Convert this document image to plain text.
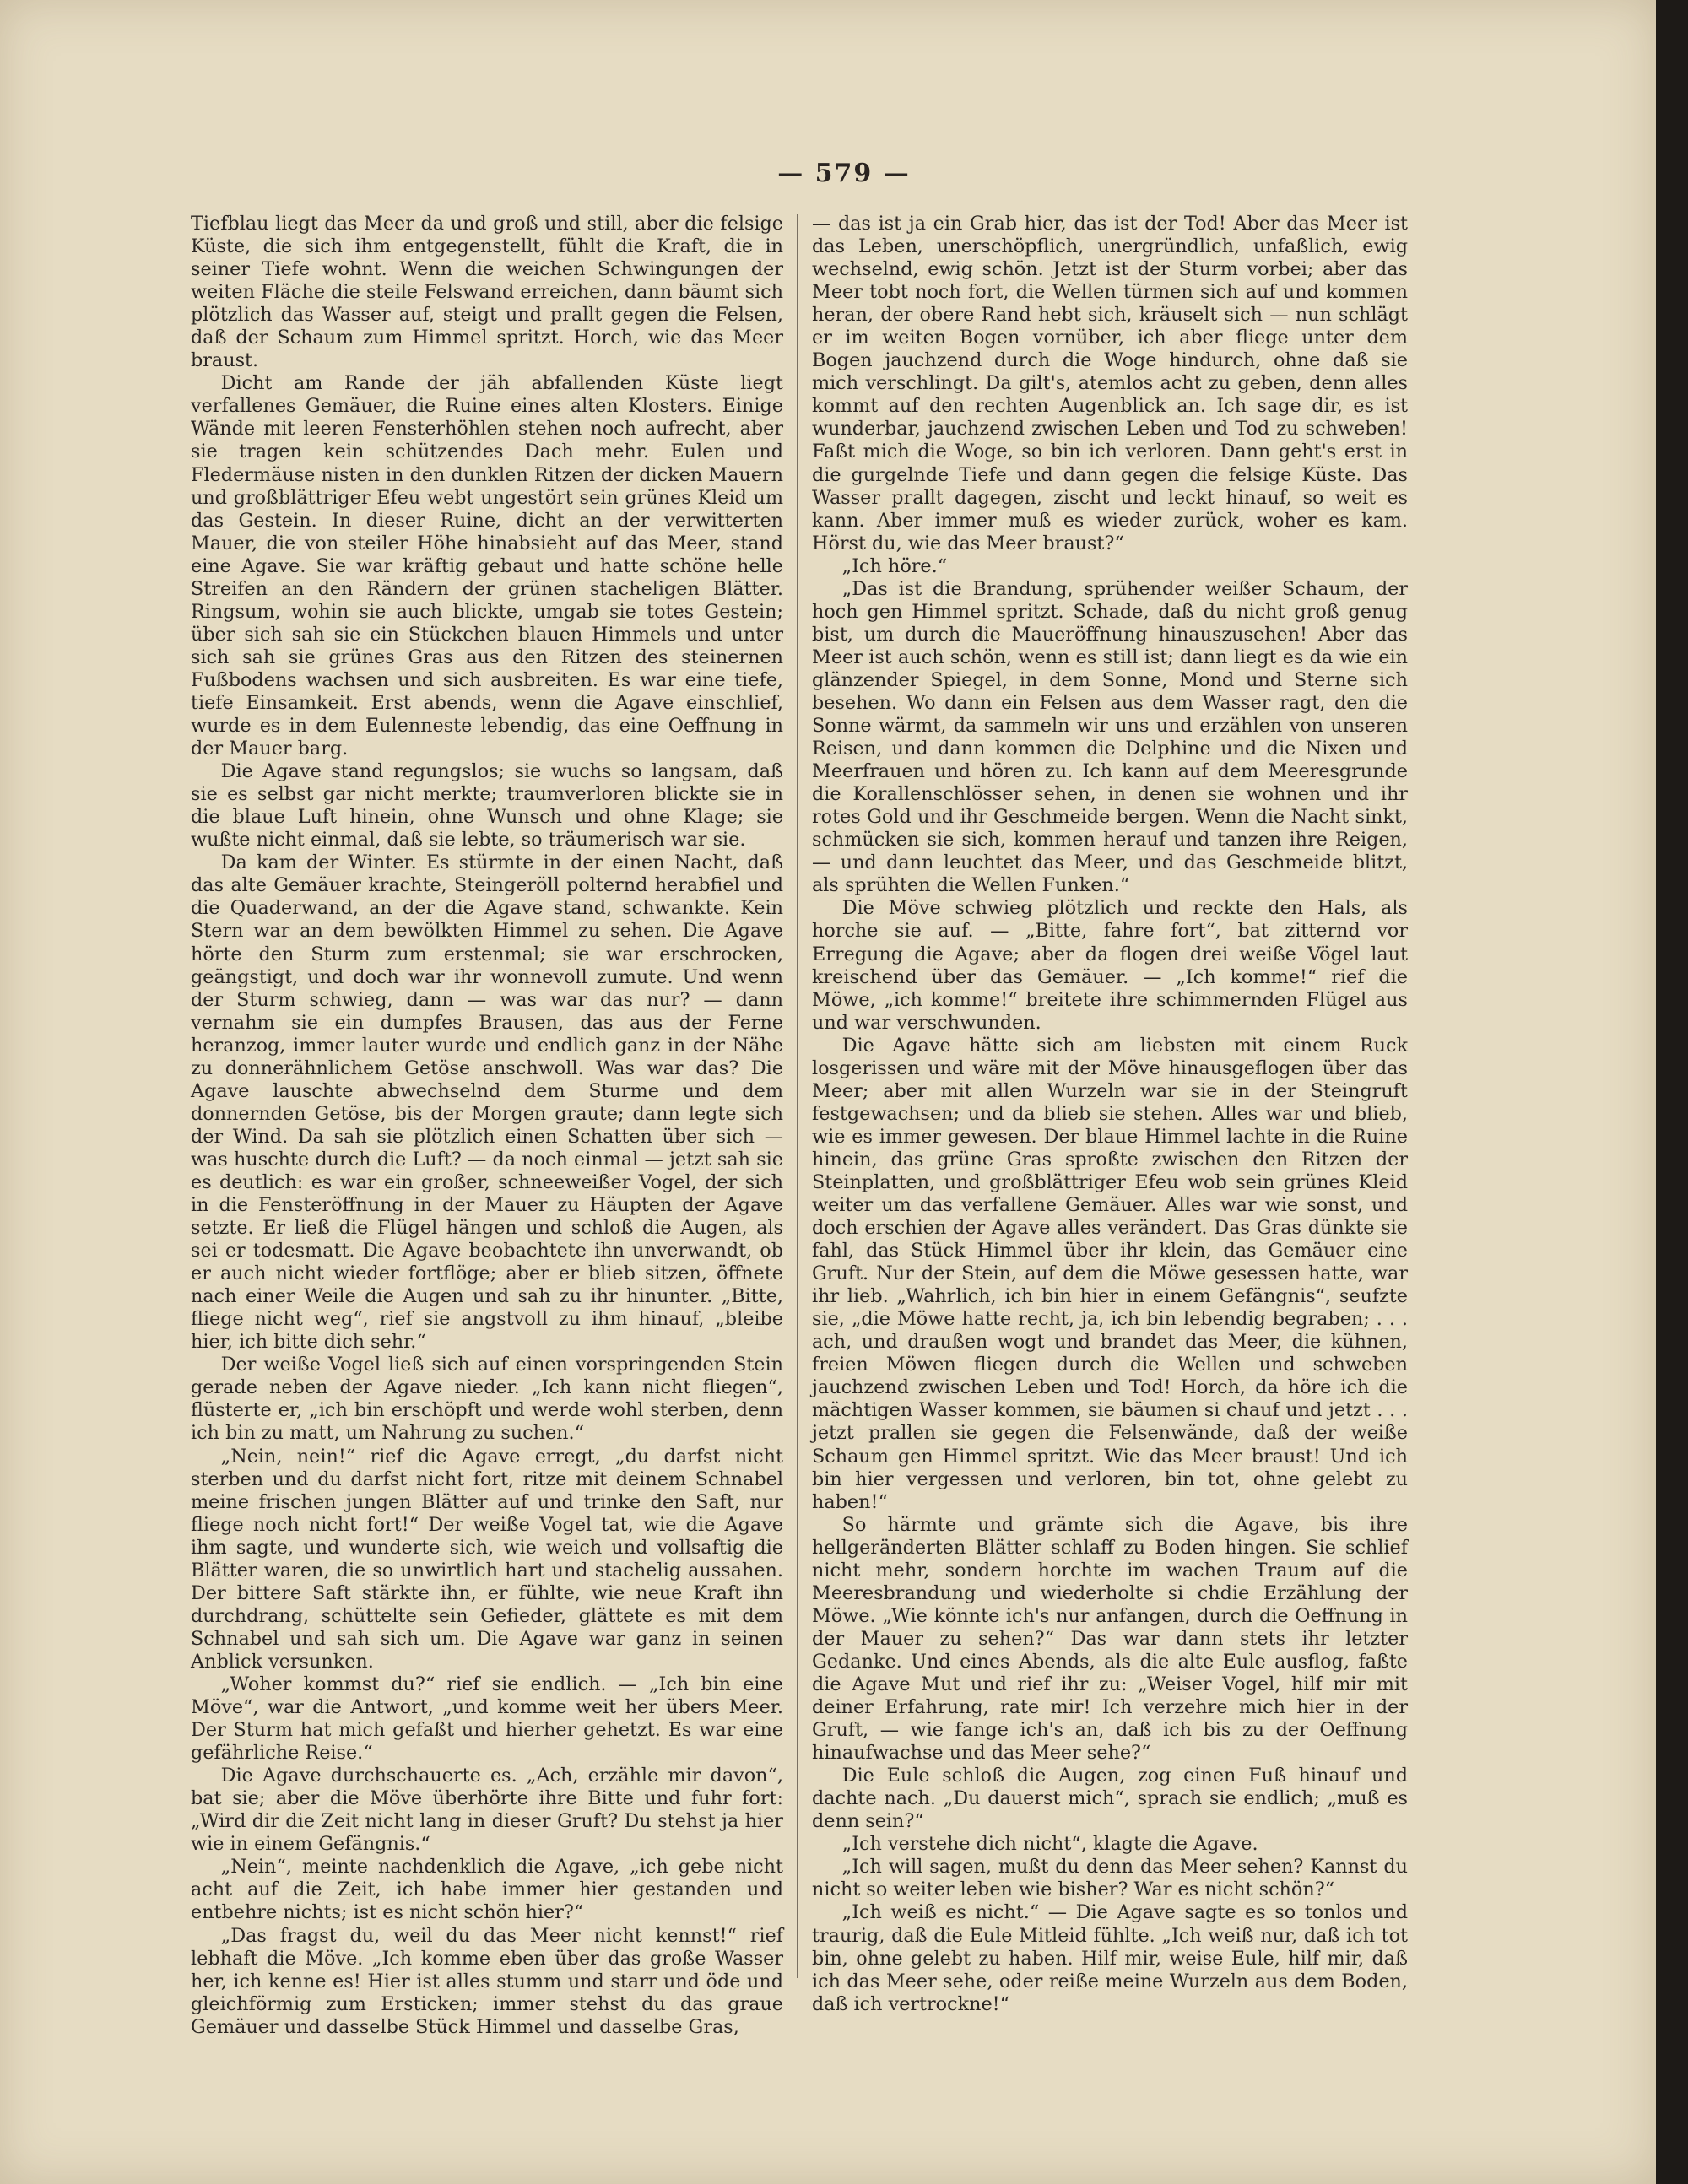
— 579 —

Tiefblau liegt das Meer da und groß und still, aber die felsige Küste, die sich ihm entgegenstellt, fühlt die Kraft, die in seiner Tiefe wohnt. Wenn die weichen Schwingungen der weiten Fläche die steile Felswand erreichen, dann bäumt sich plötzlich das Wasser auf, steigt und prallt gegen die Felsen, daß der Schaum zum Himmel spritzt. Horch, wie das Meer braust.

Dicht am Rande der jäh abfallenden Küste liegt verfallenes Gemäuer, die Ruine eines alten Klosters. Einige Wände mit leeren Fensterhöhlen stehen noch aufrecht, aber sie tragen kein schützendes Dach mehr. Eulen und Fledermäuse nisten in den dunklen Ritzen der dicken Mauern und großblättriger Efeu webt ungestört sein grünes Kleid um das Gestein. In dieser Ruine, dicht an der verwitterten Mauer, die von steiler Höhe hinabsieht auf das Meer, stand eine Agave. Sie war kräftig gebaut und hatte schöne helle Streifen an den Rändern der grünen stacheligen Blätter. Ringsum, wohin sie auch blickte, umgab sie totes Gestein; über sich sah sie ein Stückchen blauen Himmels und unter sich sah sie grünes Gras aus den Ritzen des steinernen Fußbodens wachsen und sich ausbreiten. Es war eine tiefe, tiefe Einsamkeit. Erst abends, wenn die Agave einschlief, wurde es in dem Eulenneste lebendig, das eine Oeffnung in der Mauer barg.

Die Agave stand regungslos; sie wuchs so langsam, daß sie es selbst gar nicht merkte; traumverloren blickte sie in die blaue Luft hinein, ohne Wunsch und ohne Klage; sie wußte nicht einmal, daß sie lebte, so träumerisch war sie.

Da kam der Winter. Es stürmte in der einen Nacht, daß das alte Gemäuer krachte, Steingeröll polternd herabfiel und die Quaderwand, an der die Agave stand, schwankte. Kein Stern war an dem bewölkten Himmel zu sehen. Die Agave hörte den Sturm zum erstenmal; sie war erschrocken, geängstigt, und doch war ihr wonnevoll zumute. Und wenn der Sturm schwieg, dann — was war das nur? — dann vernahm sie ein dumpfes Brausen, das aus der Ferne heranzog, immer lauter wurde und endlich ganz in der Nähe zu donnerähnlichem Getöse anschwoll. Was war das? Die Agave lauschte abwechselnd dem Sturme und dem donnernden Getöse, bis der Morgen graute; dann legte sich der Wind. Da sah sie plötzlich einen Schatten über sich — was huschte durch die Luft? — da noch einmal — jetzt sah sie es deutlich: es war ein großer, schneeweißer Vogel, der sich in die Fensteröffnung in der Mauer zu Häupten der Agave setzte. Er ließ die Flügel hängen und schloß die Augen, als sei er todesmatt. Die Agave beobachtete ihn unverwandt, ob er auch nicht wieder fortflöge; aber er blieb sitzen, öffnete nach einer Weile die Augen und sah zu ihr hinunter. „Bitte, fliege nicht weg“, rief sie angstvoll zu ihm hinauf, „bleibe hier, ich bitte dich sehr.“

Der weiße Vogel ließ sich auf einen vorspringenden Stein gerade neben der Agave nieder. „Ich kann nicht fliegen“, flüsterte er, „ich bin erschöpft und werde wohl sterben, denn ich bin zu matt, um Nahrung zu suchen.“

„Nein, nein!“ rief die Agave erregt, „du darfst nicht sterben und du darfst nicht fort, ritze mit deinem Schnabel meine frischen jungen Blätter auf und trinke den Saft, nur fliege noch nicht fort!“ Der weiße Vogel tat, wie die Agave ihm sagte, und wunderte sich, wie weich und vollsaftig die Blätter waren, die so unwirtlich hart und stachelig aussahen. Der bittere Saft stärkte ihn, er fühlte, wie neue Kraft ihn durchdrang, schüttelte sein Gefieder, glättete es mit dem Schnabel und sah sich um. Die Agave war ganz in seinen Anblick versunken.

„Woher kommst du?“ rief sie endlich. — „Ich bin eine Möve“, war die Antwort, „und komme weit her übers Meer. Der Sturm hat mich gefaßt und hierher gehetzt. Es war eine gefährliche Reise.“

Die Agave durchschauerte es. „Ach, erzähle mir davon“, bat sie; aber die Möve überhörte ihre Bitte und fuhr fort: „Wird dir die Zeit nicht lang in dieser Gruft? Du stehst ja hier wie in einem Gefängnis.“

„Nein“, meinte nachdenklich die Agave, „ich gebe nicht acht auf die Zeit, ich habe immer hier gestanden und entbehre nichts; ist es nicht schön hier?“

„Das fragst du, weil du das Meer nicht kennst!“ rief lebhaft die Möve. „Ich komme eben über das große Wasser her, ich kenne es! Hier ist alles stumm und starr und öde und gleichförmig zum Ersticken; immer stehst du das graue Gemäuer und dasselbe Stück Himmel und dasselbe Gras,

— das ist ja ein Grab hier, das ist der Tod! Aber das Meer ist das Leben, unerschöpflich, unergründlich, unfaßlich, ewig wechselnd, ewig schön. Jetzt ist der Sturm vorbei; aber das Meer tobt noch fort, die Wellen türmen sich auf und kommen heran, der obere Rand hebt sich, kräuselt sich — nun schlägt er im weiten Bogen vornüber, ich aber fliege unter dem Bogen jauchzend durch die Woge hindurch, ohne daß sie mich verschlingt. Da gilt's, atemlos acht zu geben, denn alles kommt auf den rechten Augenblick an. Ich sage dir, es ist wunderbar, jauchzend zwischen Leben und Tod zu schweben! Faßt mich die Woge, so bin ich verloren. Dann geht's erst in die gurgelnde Tiefe und dann gegen die felsige Küste. Das Wasser prallt dagegen, zischt und leckt hinauf, so weit es kann. Aber immer muß es wieder zurück, woher es kam. Hörst du, wie das Meer braust?“

„Ich höre.“

„Das ist die Brandung, sprühender weißer Schaum, der hoch gen Himmel spritzt. Schade, daß du nicht groß genug bist, um durch die Maueröffnung hinauszusehen! Aber das Meer ist auch schön, wenn es still ist; dann liegt es da wie ein glänzender Spiegel, in dem Sonne, Mond und Sterne sich besehen. Wo dann ein Felsen aus dem Wasser ragt, den die Sonne wärmt, da sammeln wir uns und erzählen von unseren Reisen, und dann kommen die Delphine und die Nixen und Meerfrauen und hören zu. Ich kann auf dem Meeresgrunde die Korallenschlösser sehen, in denen sie wohnen und ihr rotes Gold und ihr Geschmeide bergen. Wenn die Nacht sinkt, schmücken sie sich, kommen herauf und tanzen ihre Reigen, — und dann leuchtet das Meer, und das Geschmeide blitzt, als sprühten die Wellen Funken.“

Die Möve schwieg plötzlich und reckte den Hals, als horche sie auf. — „Bitte, fahre fort“, bat zitternd vor Erregung die Agave; aber da flogen drei weiße Vögel laut kreischend über das Gemäuer. — „Ich komme!“ rief die Möwe, „ich komme!“ breitete ihre schimmernden Flügel aus und war verschwunden.

Die Agave hätte sich am liebsten mit einem Ruck losgerissen und wäre mit der Möve hinausgeflogen über das Meer; aber mit allen Wurzeln war sie in der Steingruft festgewachsen; und da blieb sie stehen. Alles war und blieb, wie es immer gewesen. Der blaue Himmel lachte in die Ruine hinein, das grüne Gras sproßte zwischen den Ritzen der Steinplatten, und großblättriger Efeu wob sein grünes Kleid weiter um das verfallene Gemäuer. Alles war wie sonst, und doch erschien der Agave alles verändert. Das Gras dünkte sie fahl, das Stück Himmel über ihr klein, das Gemäuer eine Gruft. Nur der Stein, auf dem die Möwe gesessen hatte, war ihr lieb. „Wahrlich, ich bin hier in einem Gefängnis“, seufzte sie, „die Möwe hatte recht, ja, ich bin lebendig begraben; . . . ach, und draußen wogt und brandet das Meer, die kühnen, freien Möwen fliegen durch die Wellen und schweben jauchzend zwischen Leben und Tod! Horch, da höre ich die mächtigen Wasser kommen, sie bäumen si chauf und jetzt . . . jetzt prallen sie gegen die Felsenwände, daß der weiße Schaum gen Himmel spritzt. Wie das Meer braust! Und ich bin hier vergessen und verloren, bin tot, ohne gelebt zu haben!“

So härmte und grämte sich die Agave, bis ihre hellgeränderten Blätter schlaff zu Boden hingen. Sie schlief nicht mehr, sondern horchte im wachen Traum auf die Meeresbrandung und wiederholte si chdie Erzählung der Möwe. „Wie könnte ich's nur anfangen, durch die Oeffnung in der Mauer zu sehen?“ Das war dann stets ihr letzter Gedanke. Und eines Abends, als die alte Eule ausflog, faßte die Agave Mut und rief ihr zu: „Weiser Vogel, hilf mir mit deiner Erfahrung, rate mir! Ich verzehre mich hier in der Gruft, — wie fange ich's an, daß ich bis zu der Oeffnung hinaufwachse und das Meer sehe?“

Die Eule schloß die Augen, zog einen Fuß hinauf und dachte nach. „Du dauerst mich“, sprach sie endlich; „muß es denn sein?“

„Ich verstehe dich nicht“, klagte die Agave.

„Ich will sagen, mußt du denn das Meer sehen? Kannst du nicht so weiter leben wie bisher? War es nicht schön?“

„Ich weiß es nicht.“ — Die Agave sagte es so tonlos und traurig, daß die Eule Mitleid fühlte. „Ich weiß nur, daß ich tot bin, ohne gelebt zu haben. Hilf mir, weise Eule, hilf mir, daß ich das Meer sehe, oder reiße meine Wurzeln aus dem Boden, daß ich vertrockne!“
